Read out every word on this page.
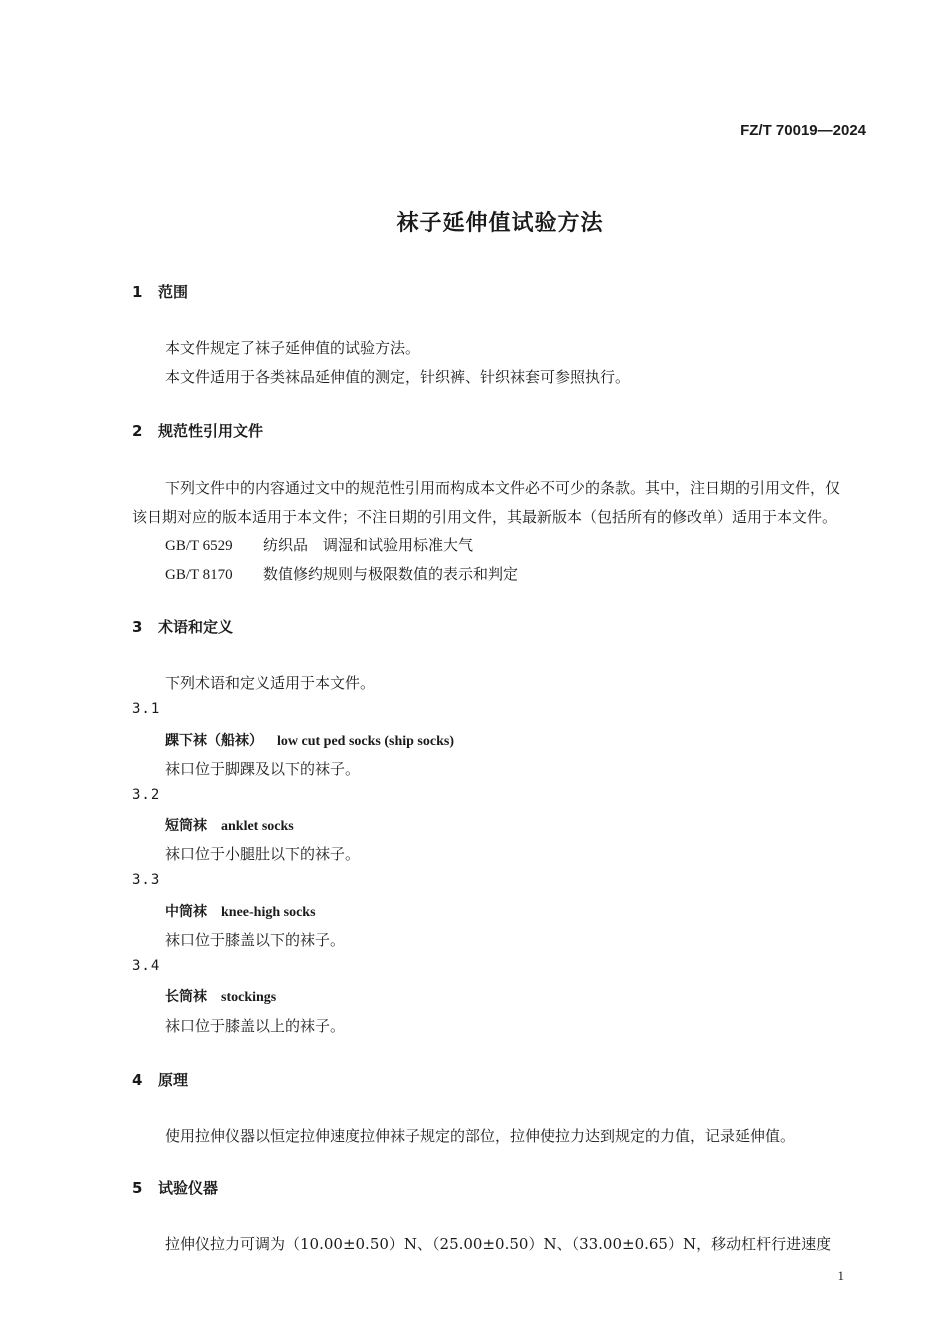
FZ/T 70019—2024
袜子延伸值试验方法
1 范围
本文件规定了袜子延伸值的试验方法。
本文件适用于各类袜品延伸值的测定，针织裤、针织袜套可参照执行。
2 规范性引用文件
下列文件中的内容通过文中的规范性引用而构成本文件必不可少的条款。其中，注日期的引用文件，仅
该日期对应的版本适用于本文件；不注日期的引用文件，其最新版本（包括所有的修改单）适用于本文件。
GB/T 6529 纺织品　调湿和试验用标准大气
GB/T 8170 数值修约规则与极限数值的表示和判定
3 术语和定义
下列术语和定义适用于本文件。
3.1
踝下袜（船袜） low cut ped socks (ship socks)
袜口位于脚踝及以下的袜子。
3.2
短筒袜 anklet socks
袜口位于小腿肚以下的袜子。
3.3
中筒袜 knee-high socks
袜口位于膝盖以下的袜子。
3.4
长筒袜 stockings
袜口位于膝盖以上的袜子。
4 原理
使用拉伸仪器以恒定拉伸速度拉伸袜子规定的部位，拉伸使拉力达到规定的力值，记录延伸值。
5 试验仪器
拉伸仪拉力可调为（10.00±0.50）N、（25.00±0.50）N、（33.00±0.65）N，移动杠杆行进速度
1
